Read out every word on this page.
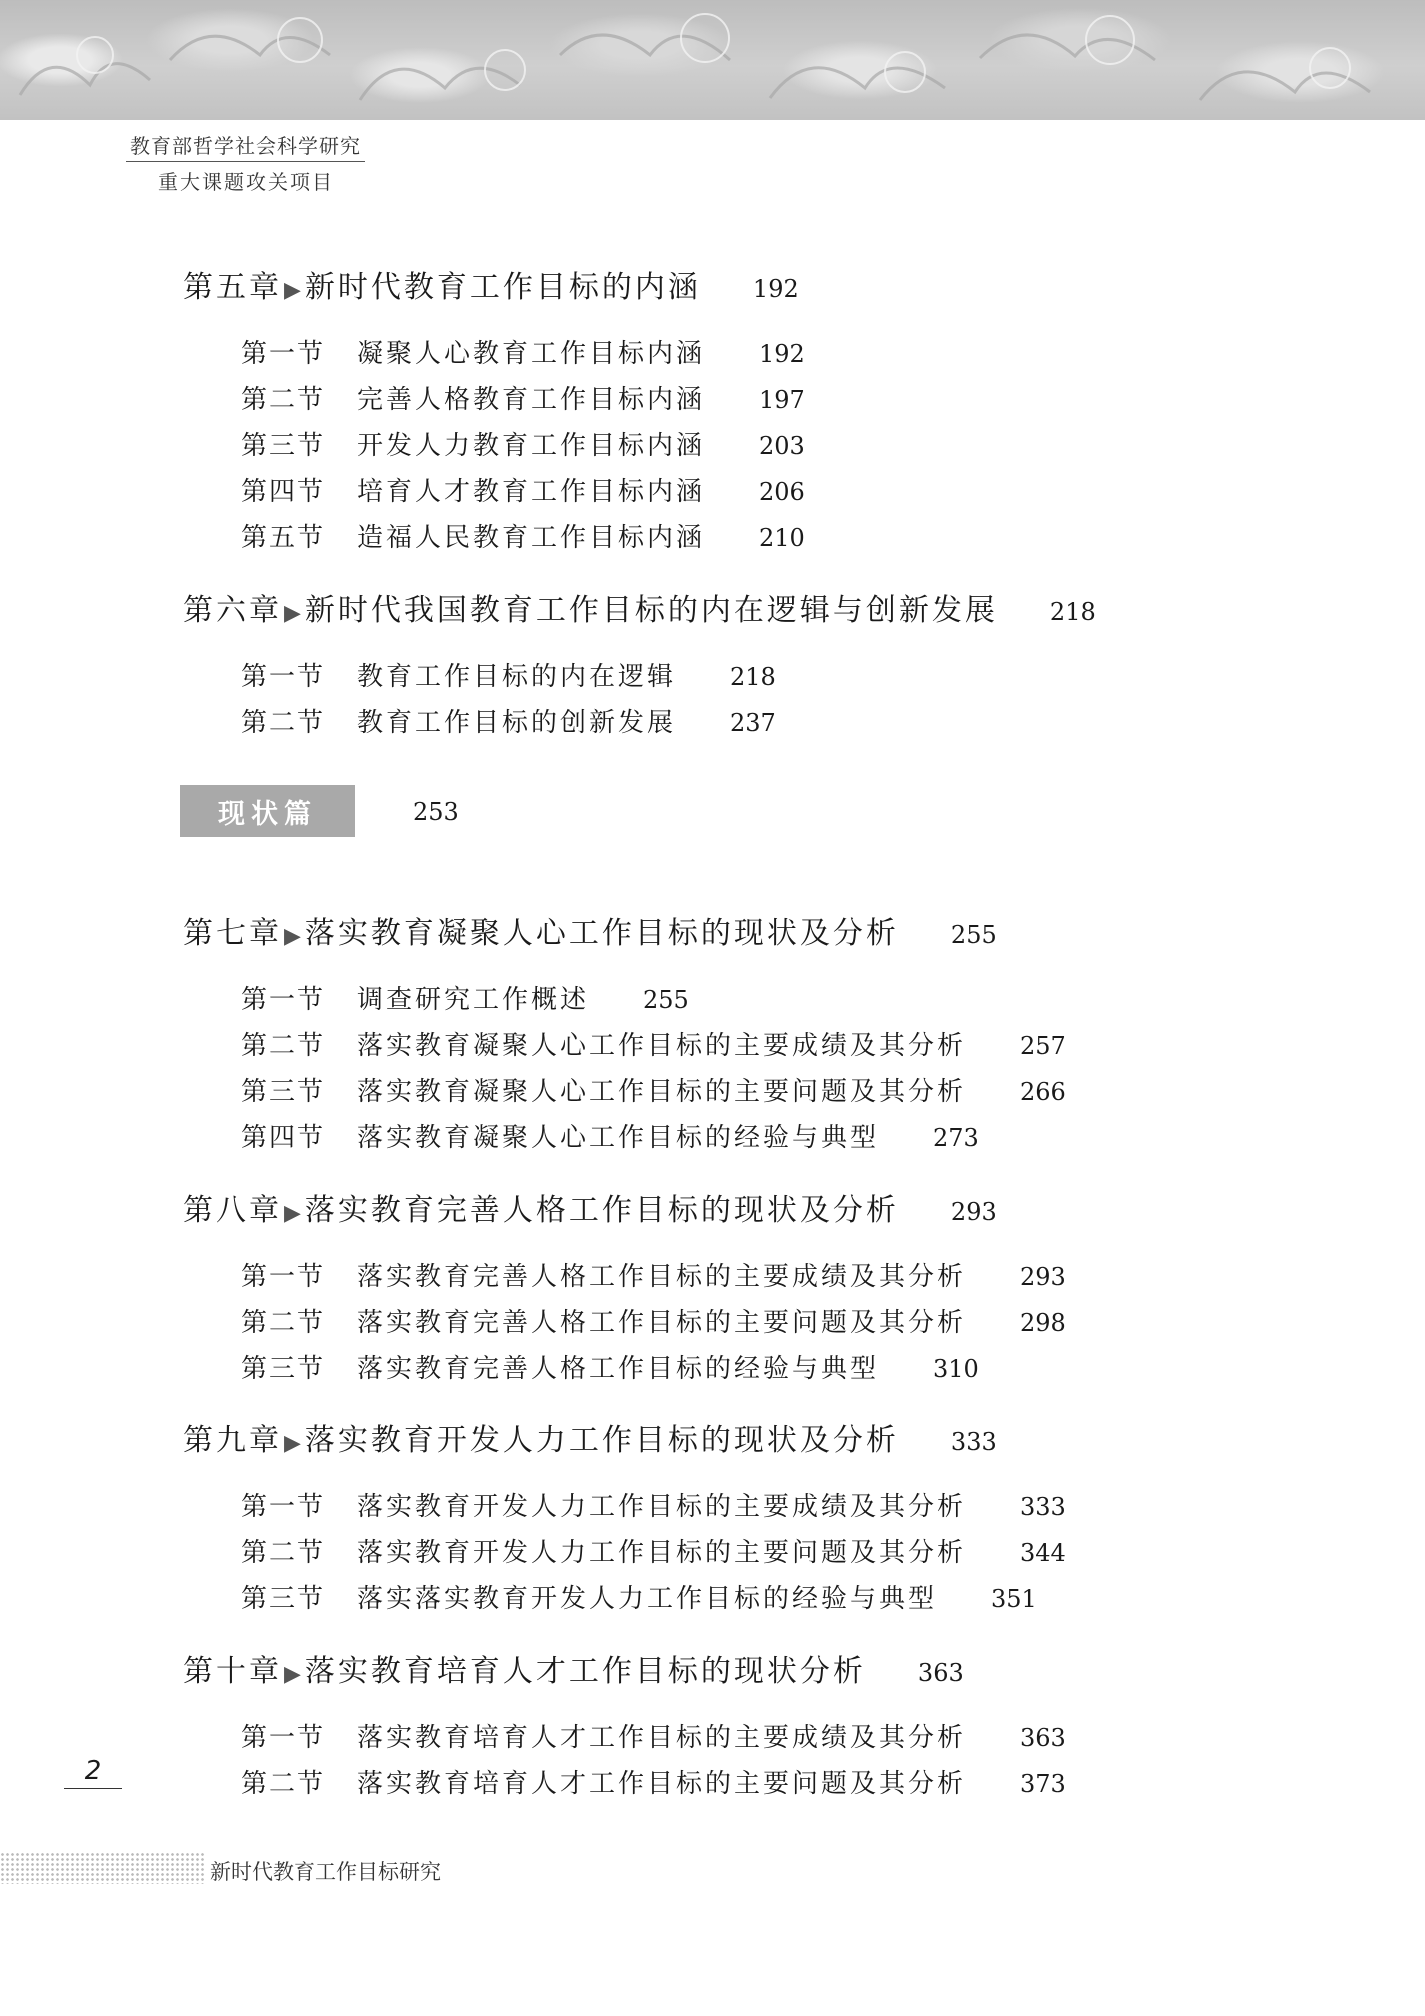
教育部哲学社会科学研究
重大课题攻关项目
第五章▶ 新时代教育工作目标的内涵 192
第一节 凝聚人心教育工作目标内涵 192
第二节 完善人格教育工作目标内涵 197
第三节 开发人力教育工作目标内涵 203
第四节 培育人才教育工作目标内涵 206
第五节 造福人民教育工作目标内涵 210
第六章▶ 新时代我国教育工作目标的内在逻辑与创新发展 218
第一节 教育工作目标的内在逻辑 218
第二节 教育工作目标的创新发展 237
现状篇	253
第七章▶ 落实教育凝聚人心工作目标的现状及分析 255
第一节 调查研究工作概述 255
第二节 落实教育凝聚人心工作目标的主要成绩及其分析 257
第三节 落实教育凝聚人心工作目标的主要问题及其分析 266
第四节 落实教育凝聚人心工作目标的经验与典型 273
第八章▶ 落实教育完善人格工作目标的现状及分析 293
第一节 落实教育完善人格工作目标的主要成绩及其分析 293
第二节 落实教育完善人格工作目标的主要问题及其分析 298
第三节 落实教育完善人格工作目标的经验与典型 310
第九章▶ 落实教育开发人力工作目标的现状及分析 333
第一节 落实教育开发人力工作目标的主要成绩及其分析 333
第二节 落实教育开发人力工作目标的主要问题及其分析 344
第三节 落实落实教育开发人力工作目标的经验与典型 351
第十章▶ 落实教育培育人才工作目标的现状分析 363
第一节 落实教育培育人才工作目标的主要成绩及其分析 363
第二节 落实教育培育人才工作目标的主要问题及其分析 373
2
新时代教育工作目标研究
